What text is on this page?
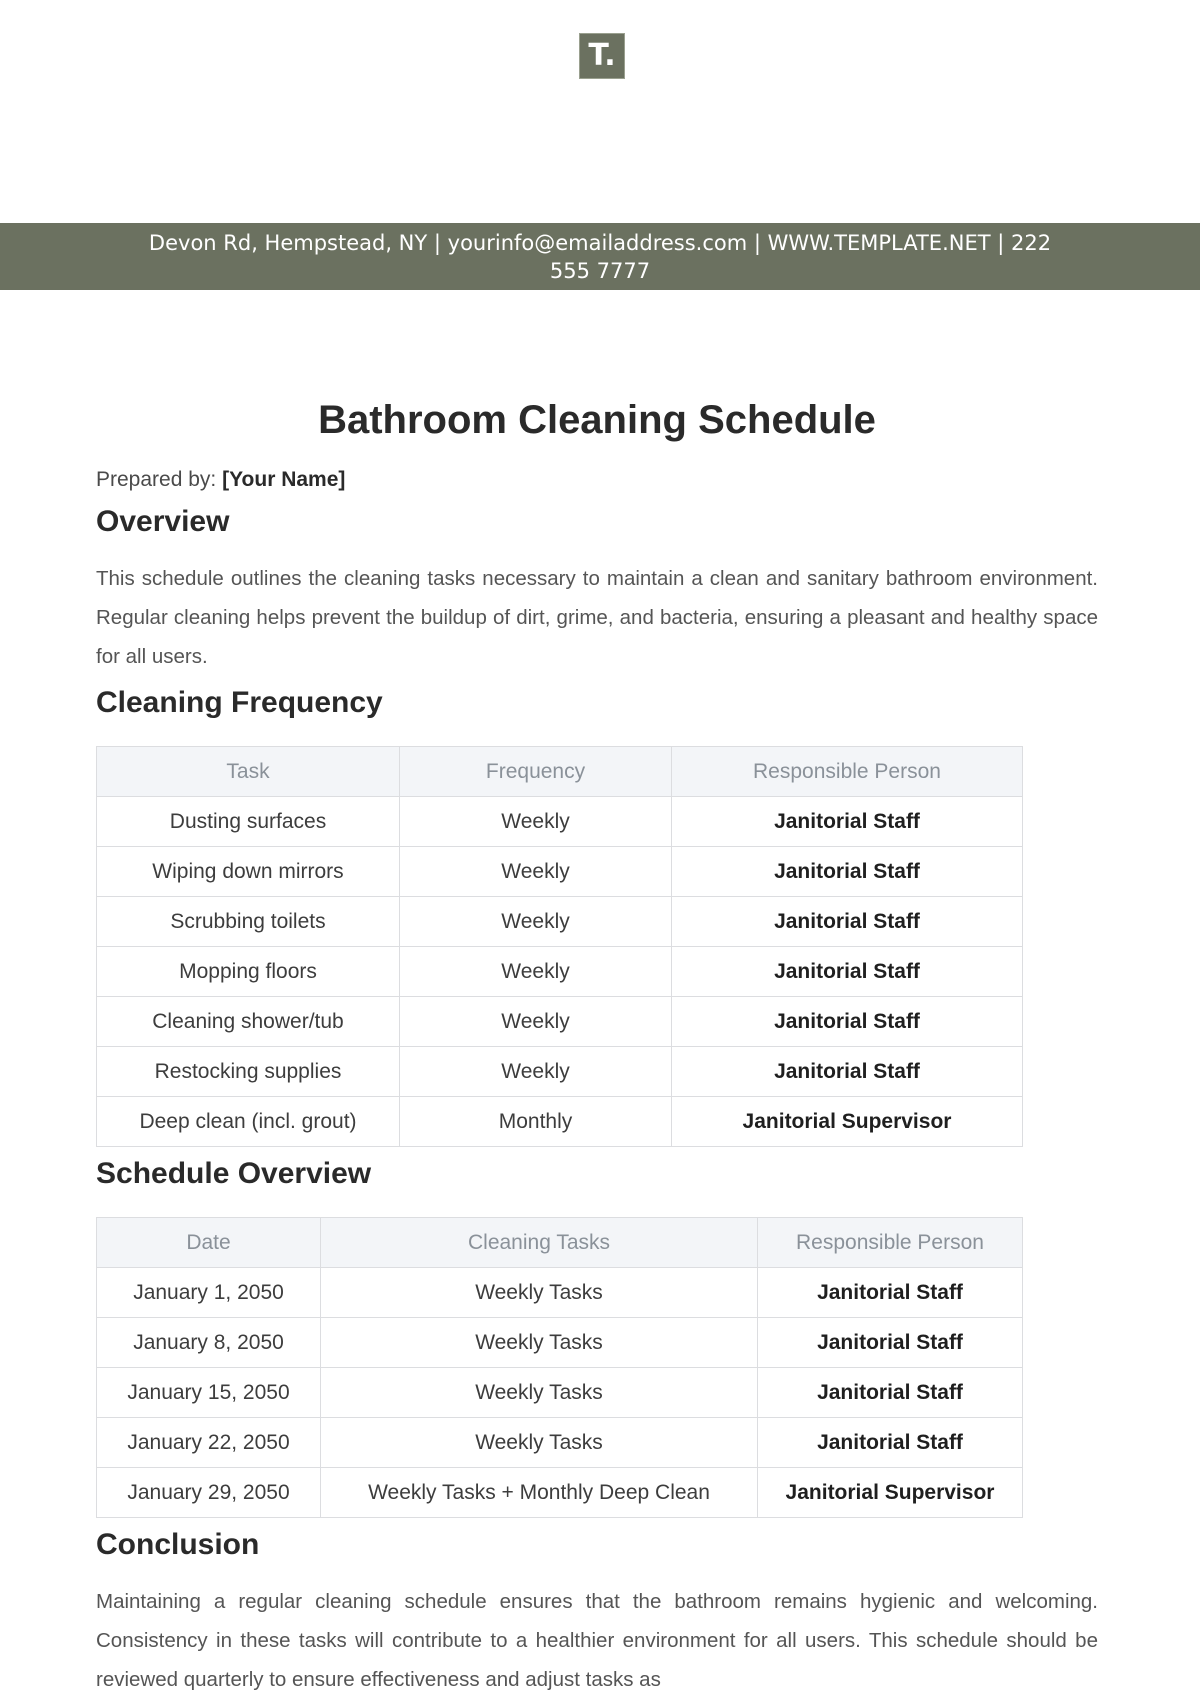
T.
Devon Rd, Hempstead, NY | yourinfo@emailaddress.com | WWW.TEMPLATE.NET | 222 555 7777
Bathroom Cleaning Schedule
Prepared by: [Your Name]
Overview

This schedule outlines the cleaning tasks necessary to maintain a clean and sanitary bathroom environment. Regular cleaning helps prevent the buildup of dirt, grime, and bacteria, ensuring a pleasant and healthy space for all users.

Cleaning Frequency
Task	Frequency	Responsible Person
Dusting surfaces	Weekly	Janitorial Staff
Wiping down mirrors	Weekly	Janitorial Staff
Scrubbing toilets	Weekly	Janitorial Staff
Mopping floors	Weekly	Janitorial Staff
Cleaning shower/tub	Weekly	Janitorial Staff
Restocking supplies	Weekly	Janitorial Staff
Deep clean (incl. grout)	Monthly	Janitorial Supervisor
Schedule Overview
Date	Cleaning Tasks	Responsible Person
January 1, 2050	Weekly Tasks	Janitorial Staff
January 8, 2050	Weekly Tasks	Janitorial Staff
January 15, 2050	Weekly Tasks	Janitorial Staff
January 22, 2050	Weekly Tasks	Janitorial Staff
January 29, 2050	Weekly Tasks + Monthly Deep Clean	Janitorial Supervisor
Conclusion

Maintaining a regular cleaning schedule ensures that the bathroom remains hygienic and welcoming. Consistency in these tasks will contribute to a healthier environment for all users. This schedule should be reviewed quarterly to ensure effectiveness and adjust tasks as
